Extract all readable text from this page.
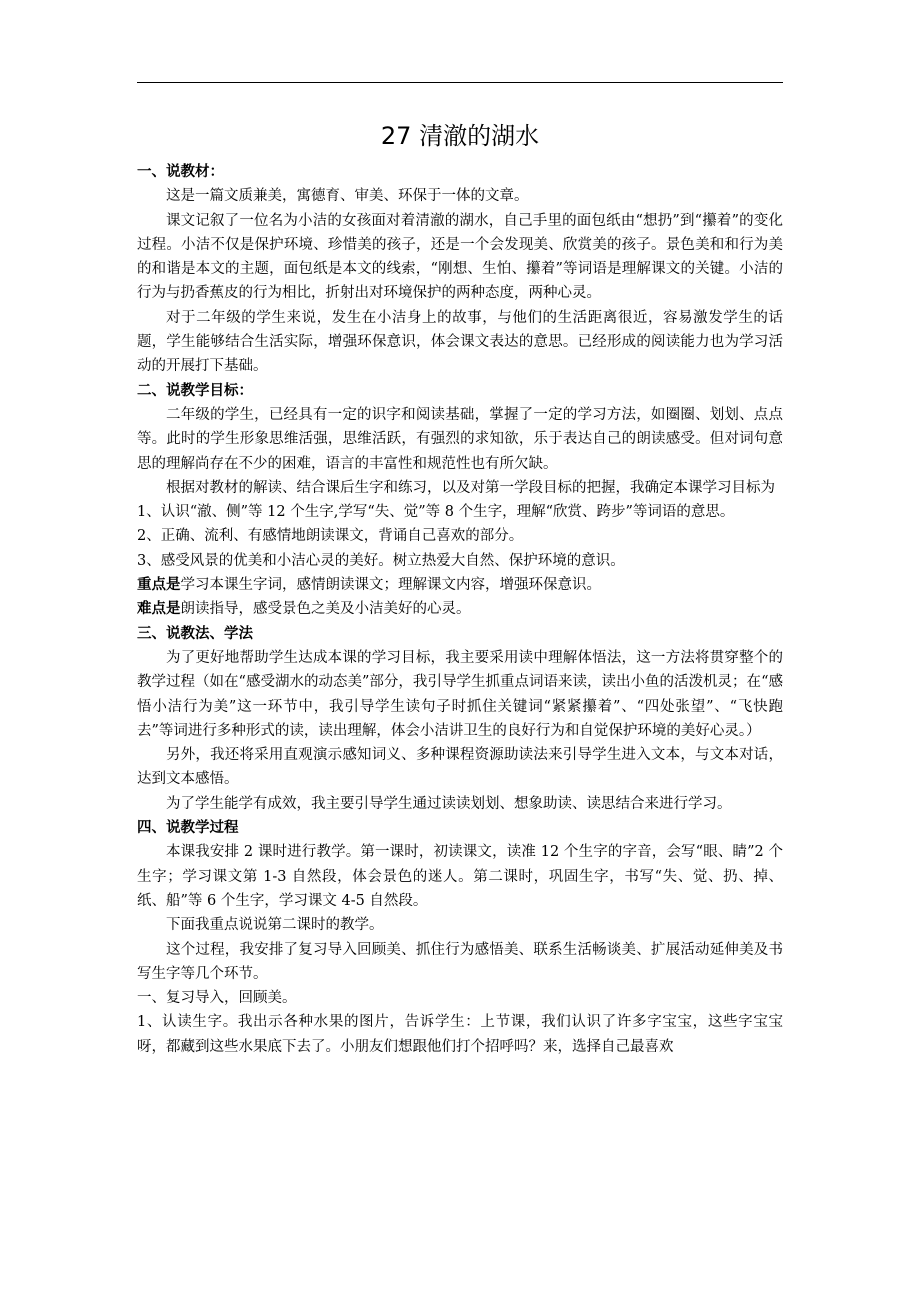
27 清澈的湖水
一、说教材：

这是一篇文质兼美，寓德育、审美、环保于一体的文章。

课文记叙了一位名为小洁的女孩面对着清澈的湖水，自己手里的面包纸由“想扔”到“攥着”的变化过程。小洁不仅是保护环境、珍惜美的孩子，还是一个会发现美、欣赏美的孩子。景色美和和行为美的和谐是本文的主题，面包纸是本文的线索，“刚想、生怕、攥着”等词语是理解课文的关键。小洁的行为与扔香蕉皮的行为相比，折射出对环境保护的两种态度，两种心灵。

对于二年级的学生来说，发生在小洁身上的故事，与他们的生活距离很近，容易激发学生的话题，学生能够结合生活实际，增强环保意识，体会课文表达的意思。已经形成的阅读能力也为学习活动的开展打下基础。

二、说教学目标：

二年级的学生，已经具有一定的识字和阅读基础，掌握了一定的学习方法，如圈圈、划划、点点等。此时的学生形象思维活强，思维活跃，有强烈的求知欲，乐于表达自己的朗读感受。但对词句意思的理解尚存在不少的困难，语言的丰富性和规范性也有所欠缺。

根据对教材的解读、结合课后生字和练习，以及对第一学段目标的把握，我确定本课学习目标为

1、认识“澈、侧”等 12 个生字,学写“失、觉”等 8 个生字，理解“欣赏、跨步”等词语的意思。

2、正确、流利、有感情地朗读课文，背诵自己喜欢的部分。

3、感受风景的优美和小洁心灵的美好。树立热爱大自然、保护环境的意识。

重点是学习本课生字词，感情朗读课文；理解课文内容，增强环保意识。

难点是朗读指导，感受景色之美及小洁美好的心灵。

三、说教法、学法

为了更好地帮助学生达成本课的学习目标，我主要采用读中理解体悟法，这一方法将贯穿整个的教学过程（如在“感受湖水的动态美”部分，我引导学生抓重点词语来读，读出小鱼的活泼机灵；在“感悟小洁行为美”这一环节中，我引导学生读句子时抓住关键词“紧紧攥着”、“四处张望”、“飞快跑去”等词进行多种形式的读，读出理解，体会小洁讲卫生的良好行为和自觉保护环境的美好心灵。）

另外，我还将采用直观演示感知词义、多种课程资源助读法来引导学生进入文本，与文本对话，达到文本感悟。

为了学生能学有成效，我主要引导学生通过读读划划、想象助读、读思结合来进行学习。

四、说教学过程

本课我安排 2 课时进行教学。第一课时，初读课文，读准 12 个生字的字音，会写“眼、睛”2 个生字；学习课文第 1-3 自然段，体会景色的迷人。第二课时，巩固生字，书写“失、觉、扔、掉、纸、船”等 6 个生字，学习课文 4-5 自然段。

下面我重点说说第二课时的教学。

这个过程，我安排了复习导入回顾美、抓住行为感悟美、联系生活畅谈美、扩展活动延伸美及书写生字等几个环节。

一、复习导入，回顾美。

1、认读生字。我出示各种水果的图片，告诉学生：上节课，我们认识了许多字宝宝，这些字宝宝呀，都藏到这些水果底下去了。小朋友们想跟他们打个招呼吗？来，选择自己最喜欢
